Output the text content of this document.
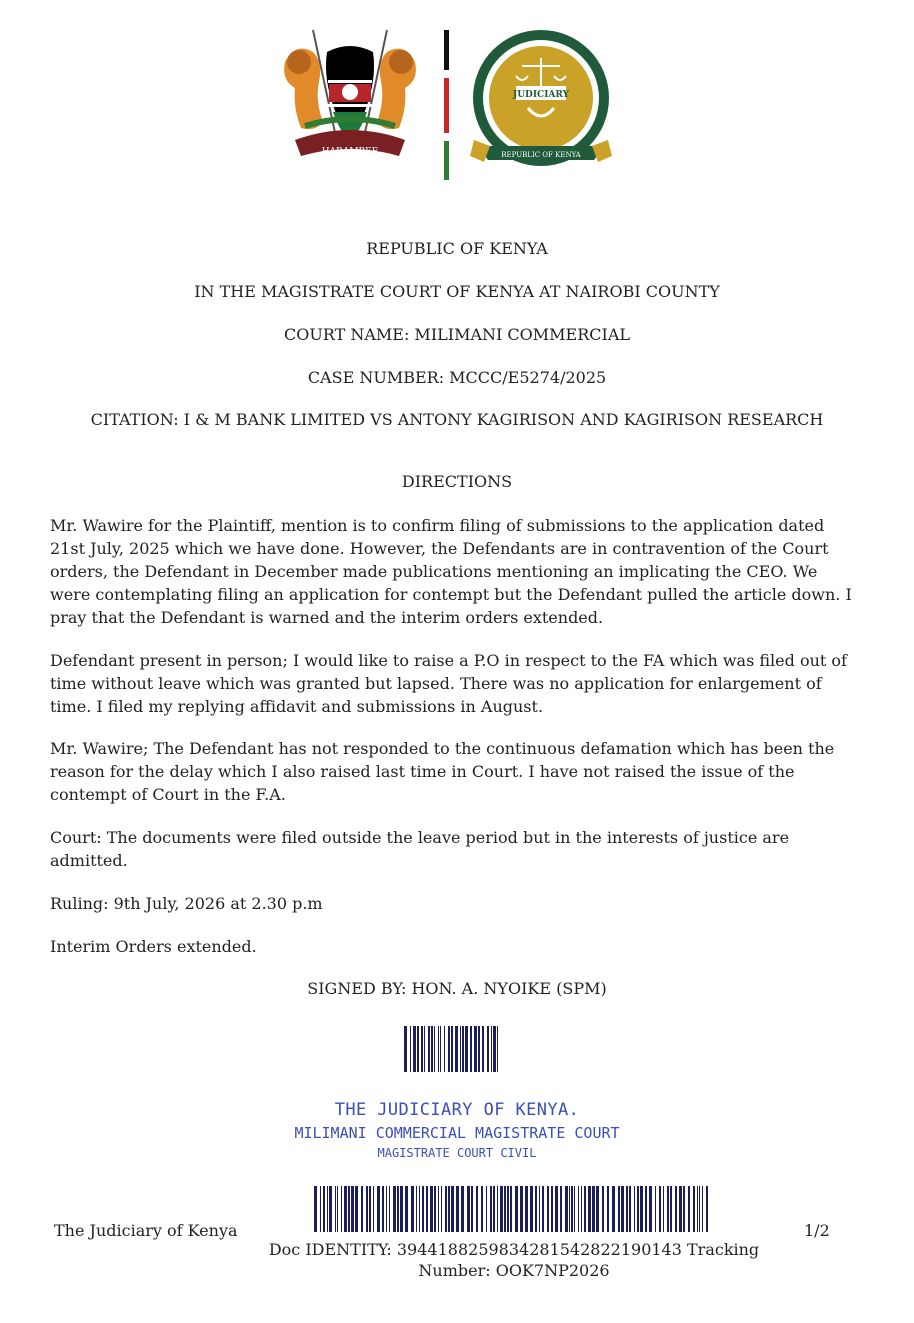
HARAMBEE
JUDICIARY
REPUBLIC OF KENYA
REPUBLIC OF KENYA
IN THE MAGISTRATE COURT OF KENYA AT NAIROBI COUNTY
COURT NAME: MILIMANI COMMERCIAL
CASE NUMBER: MCCC/E5274/2025
CITATION: I & M BANK LIMITED VS ANTONY KAGIRISON AND KAGIRISON RESEARCH
DIRECTIONS
Mr. Wawire for the Plaintiff, mention is to confirm filing of submissions to the application dated 21st July, 2025 which we have done. However, the Defendants are in contravention of the Court orders, the Defendant in December made publications mentioning an implicating the CEO. We were contemplating filing an application for contempt but the Defendant pulled the article down. I pray that the Defendant is warned and the interim orders extended.
Defendant present in person; I would like to raise a P.O in respect to the FA which was filed out of time without leave which was granted but lapsed. There was no application for enlargement of time. I filed my replying affidavit and submissions in August.
Mr. Wawire; The Defendant has not responded to the continuous defamation which has been the reason for the delay which I also raised last time in Court. I have not raised the issue of the contempt of Court in the F.A.
Court: The documents were filed outside the leave period but in the interests of justice are admitted.
Ruling: 9th July, 2026 at 2.30 p.m
Interim Orders extended.
SIGNED BY: HON. A. NYOIKE (SPM)
THE JUDICIARY OF KENYA.
MILIMANI COMMERCIAL MAGISTRATE COURT
MAGISTRATE COURT CIVIL
The Judiciary of Kenya
Doc IDENTITY: 394418825983428154282219014​3 Tracking Number: OOK7NP2026
1/2
